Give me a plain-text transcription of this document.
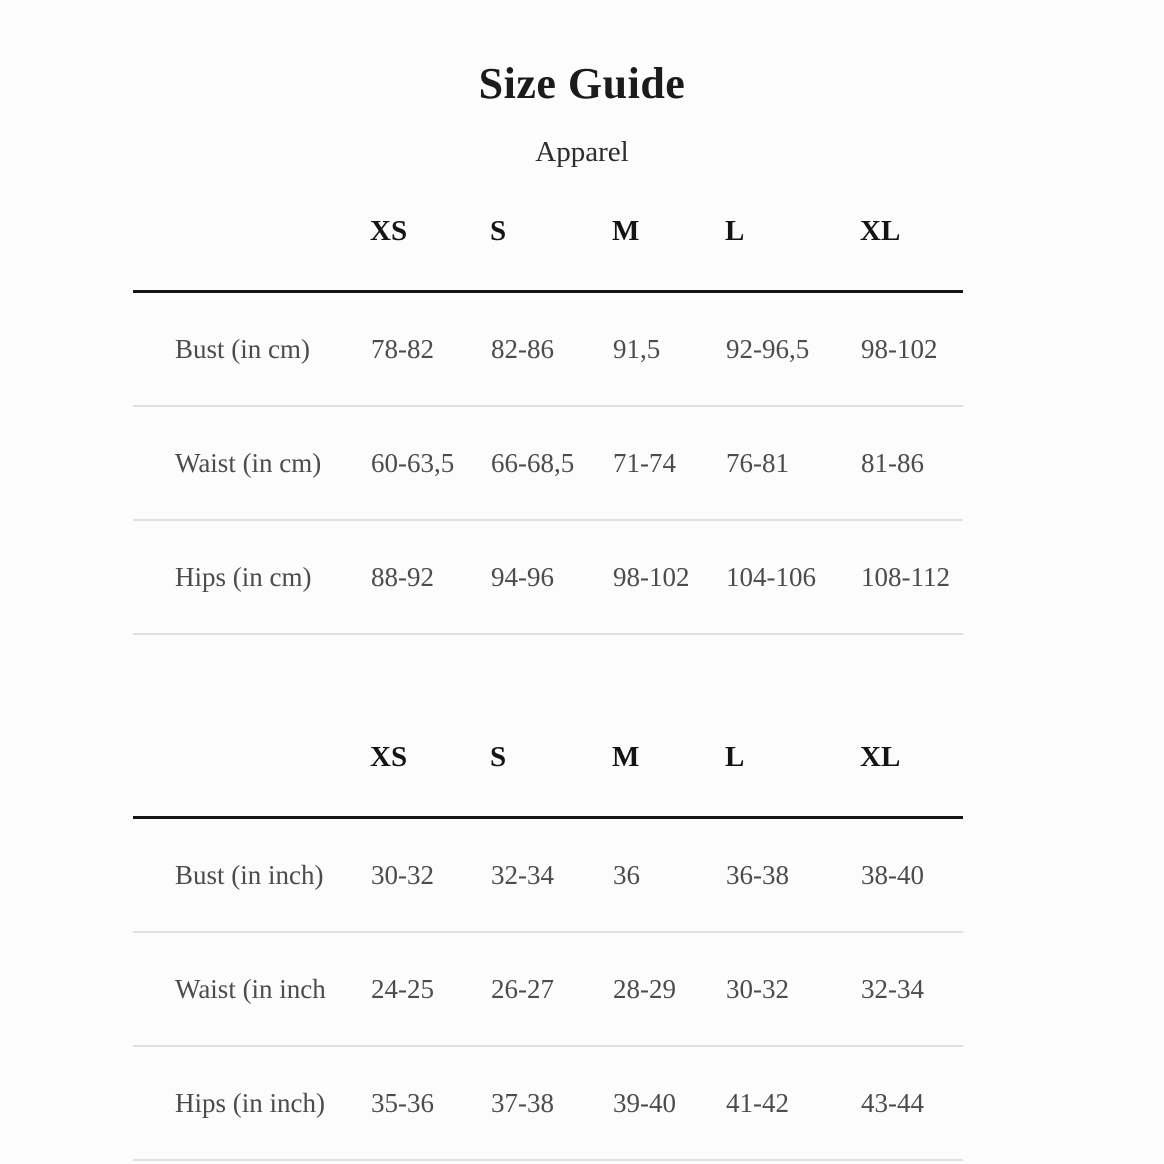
Size Guide
Apparel
	XS	S	M	L	XL
Bust (in cm)	78-82	82-86	91,5	92-96,5	98-102
Waist (in cm)	60-63,5	66-68,5	71-74	76-81	81-86
Hips (in cm)	88-92	94-96	98-102	104-106	108-112
	XS	S	M	L	XL
Bust (in inch)	30-32	32-34	36	36-38	38-40
Waist (in inch	24-25	26-27	28-29	30-32	32-34
Hips (in inch)	35-36	37-38	39-40	41-42	43-44
